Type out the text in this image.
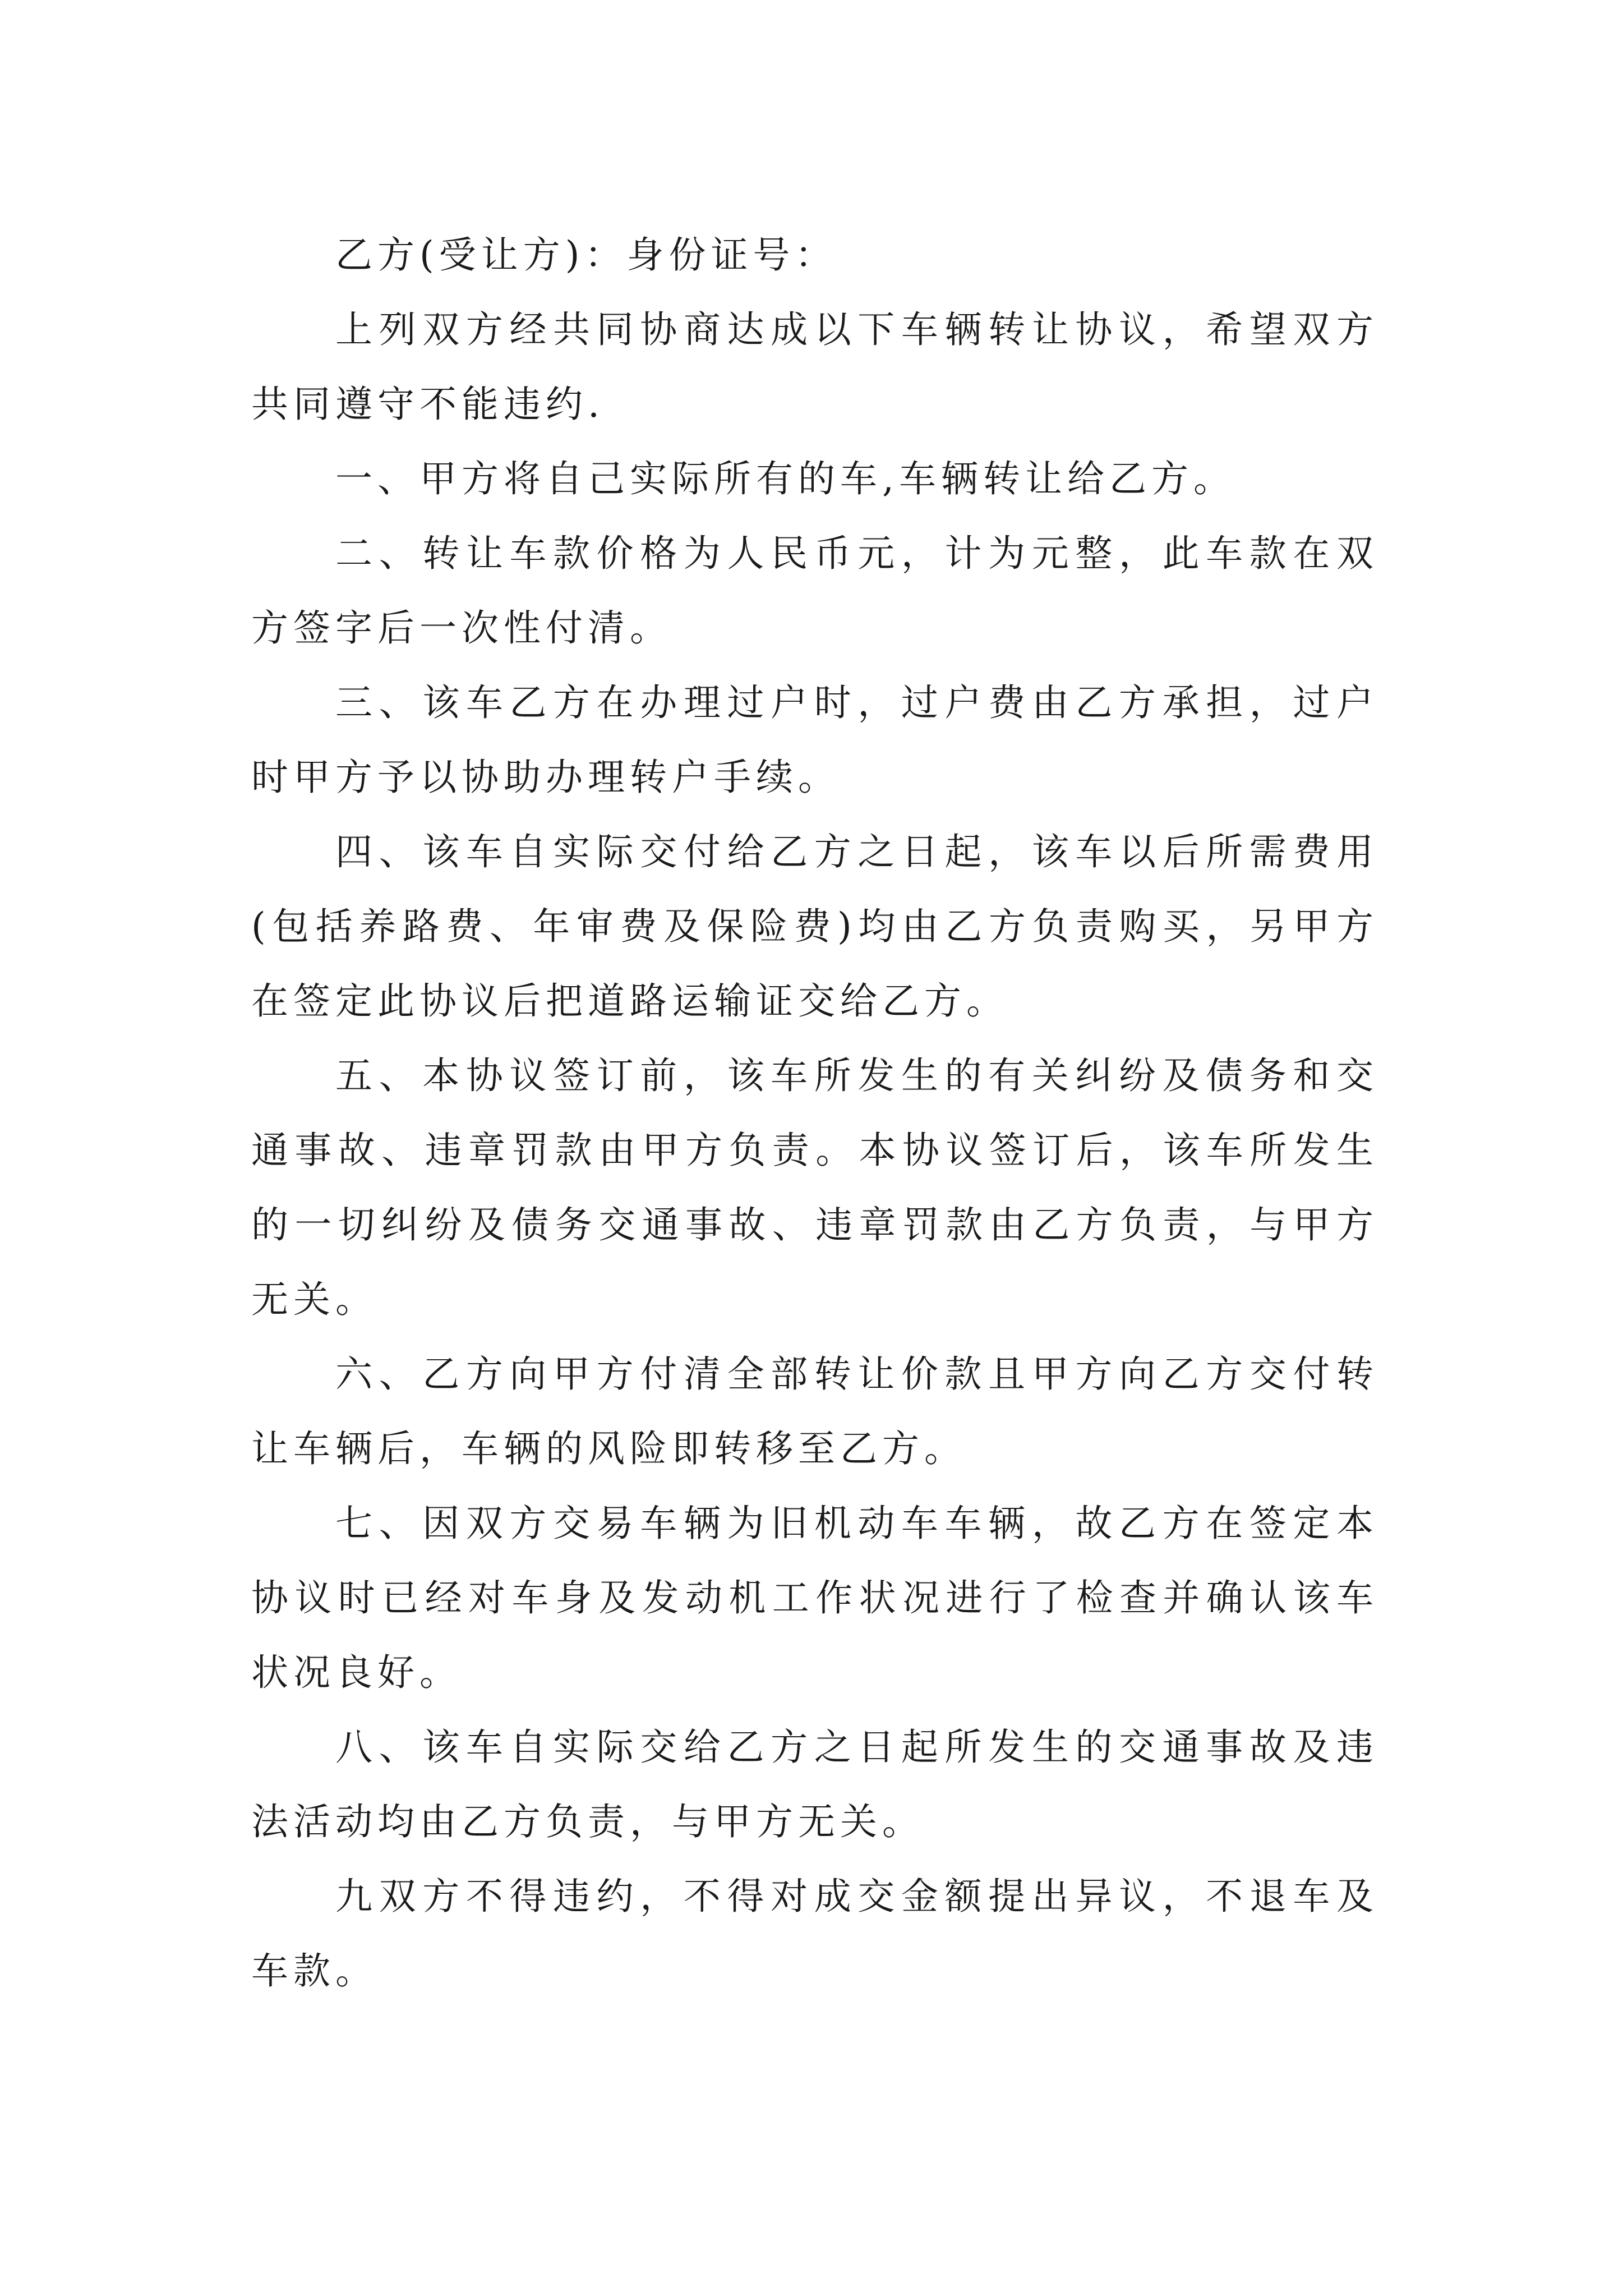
乙方(受让方)：身份证号：

上列双方经共同协商达成以下车辆转让协议，希望双方共同遵守不能违约.

一、甲方将自己实际所有的车,车辆转让给乙方。

二、转让车款价格为人民币元，计为元整，此车款在双方签字后一次性付清。

三、该车乙方在办理过户时，过户费由乙方承担，过户时甲方予以协助办理转户手续。

四、该车自实际交付给乙方之日起，该车以后所需费用(包括养路费、年审费及保险费)均由乙方负责购买，另甲方在签定此协议后把道路运输证交给乙方。

五、本协议签订前，该车所发生的有关纠纷及债务和交通事故、违章罚款由甲方负责。本协议签订后，该车所发生的一切纠纷及债务交通事故、违章罚款由乙方负责，与甲方无关。

六、乙方向甲方付清全部转让价款且甲方向乙方交付转让车辆后，车辆的风险即转移至乙方。

七、因双方交易车辆为旧机动车车辆，故乙方在签定本协议时已经对车身及发动机工作状况进行了检查并确认该车状况良好。

八、该车自实际交给乙方之日起所发生的交通事故及违法活动均由乙方负责，与甲方无关。

九双方不得违约，不得对成交金额提出异议，不退车及车款。
